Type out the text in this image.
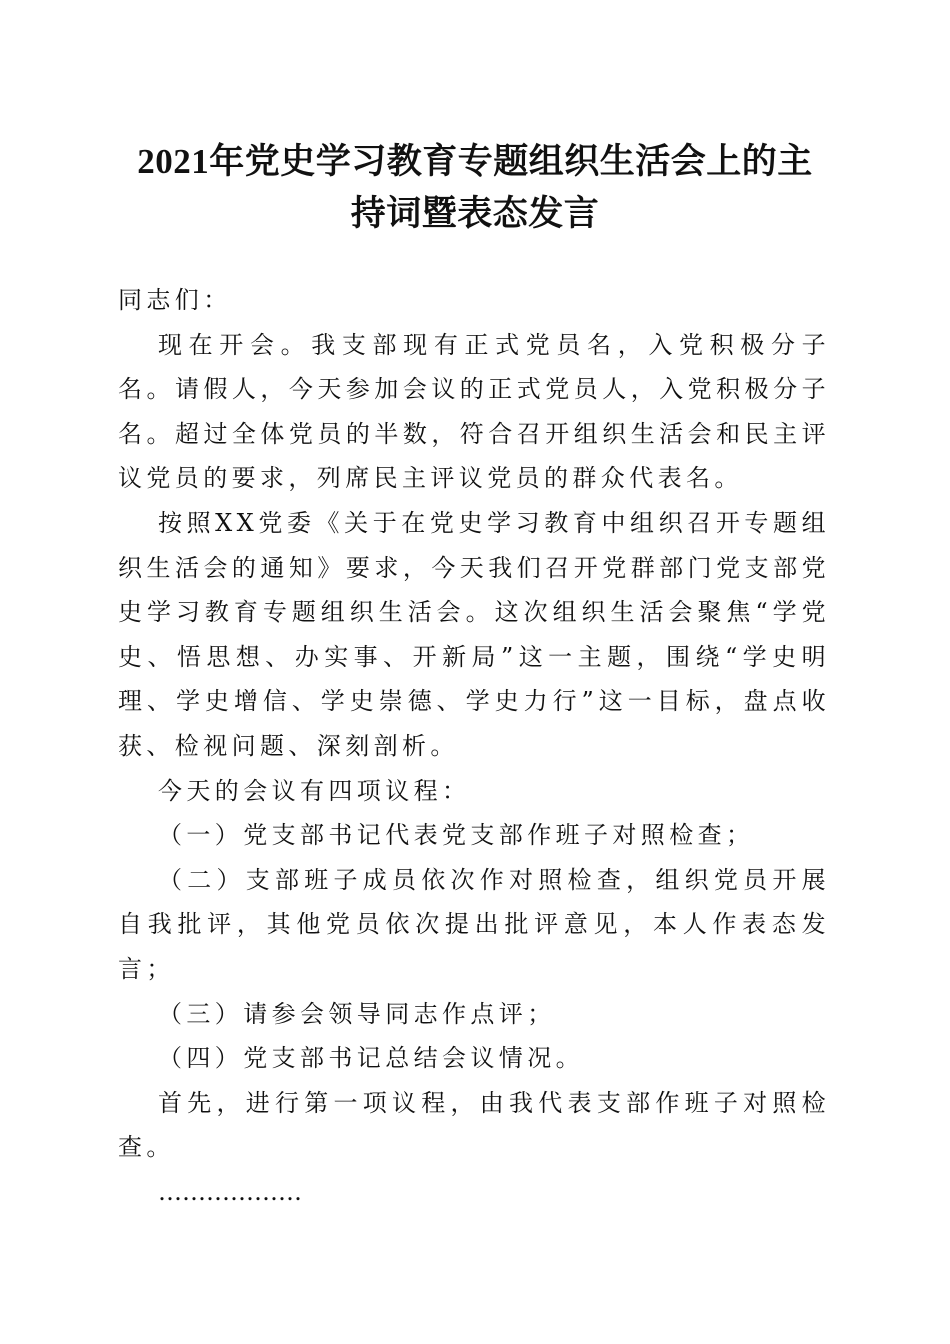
2021年党史学习教育专题组织生活会上的主
持词暨表态发言

同志们：

现在开会。我支部现有正式党员名，入党积极分子名。请假人，今天参加会议的正式党员人，入党积极分子名。超过全体党员的半数，符合召开组织生活会和民主评议党员的要求，列席民主评议党员的群众代表名。

按照XX党委《关于在党史学习教育中组织召开专题组织生活会的通知》要求，今天我们召开党群部门党支部党史学习教育专题组织生活会。这次组织生活会聚焦“学党史、悟思想、办实事、开新局”这一主题，围绕“学史明理、学史增信、学史崇德、学史力行”这一目标，盘点收获、检视问题、深刻剖析。

今天的会议有四项议程：

（一）党支部书记代表党支部作班子对照检查；

（二）支部班子成员依次作对照检查，组织党员开展自我批评，其他党员依次提出批评意见，本人作表态发言；

（三）请参会领导同志作点评；

（四）党支部书记总结会议情况。

首先，进行第一项议程，由我代表支部作班子对照检查。

………………
